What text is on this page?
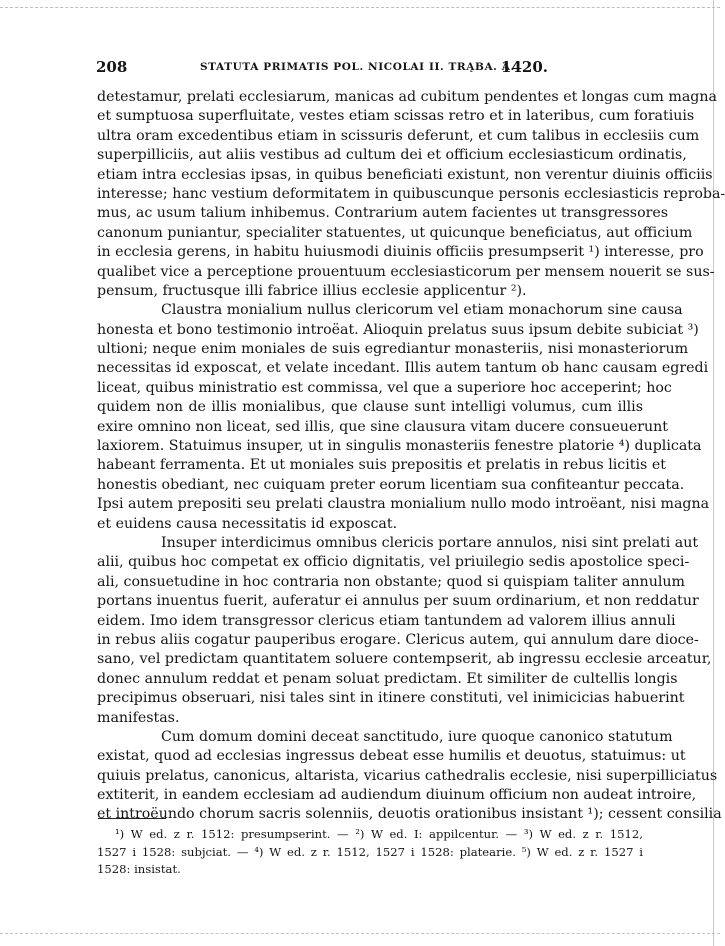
208	STATUTA PRIMATIS POL. NICOLAI II. TRĄBA. A.
1420.
detestamur, prelati ecclesiarum, manicas ad cubitum pendentes et longas cum magna
et sumptuosa superfluitate, vestes etiam scissas retro et in lateribus, cum foratiuis
ultra oram excedentibus etiam in scissuris deferunt, et cum talibus in ecclesiis cum
superpilliciis, aut aliis vestibus ad cultum dei et officium ecclesiasticum ordinatis,
etiam intra ecclesias ipsas, in quibus beneficiati existunt, non verentur diuinis officiis
interesse; hanc vestium deformitatem in quibuscunque personis ecclesiasticis reproba-
mus, ac usum talium inhibemus. Contrarium autem facientes ut transgressores
canonum puniantur, specialiter statuentes, ut quicunque beneficiatus, aut officium
in ecclesia gerens, in habitu huiusmodi diuinis officiis presumpserit ¹) interesse, pro
qualibet vice a perceptione prouentuum ecclesiasticorum per mensem nouerit se sus-
pensum, fructusque illi fabrice illius ecclesie applicentur ²).
Claustra monialium nullus clericorum vel etiam monachorum sine causa
honesta et bono testimonio introëat. Alioquin prelatus suus ipsum debite subiciat ³)
ultioni; neque enim moniales de suis egrediantur monasteriis, nisi monasteriorum
necessitas id exposcat, et velate incedant. Illis autem tantum ob hanc causam egredi
liceat, quibus ministratio est commissa, vel que a superiore hoc acceperint; hoc
quidem non de illis monialibus, que clause sunt intelligi volumus, cum illis
exire omnino non liceat, sed illis, que sine clausura vitam ducere consueuerunt
laxiorem. Statuimus insuper, ut in singulis monasteriis fenestre platorie ⁴) duplicata
habeant ferramenta. Et ut moniales suis prepositis et prelatis in rebus licitis et
honestis obediant, nec cuiquam preter eorum licentiam sua confiteantur peccata.
Ipsi autem prepositi seu prelati claustra monialium nullo modo introëant, nisi magna
et euidens causa necessitatis id exposcat.
Insuper interdicimus omnibus clericis portare annulos, nisi sint prelati aut
alii, quibus hoc competat ex officio dignitatis, vel priuilegio sedis apostolice speci-
ali, consuetudine in hoc contraria non obstante; quod si quispiam taliter annulum
portans inuentus fuerit, auferatur ei annulus per suum ordinarium, et non reddatur
eidem. Imo idem transgressor clericus etiam tantundem ad valorem illius annuli
in rebus aliis cogatur pauperibus erogare. Clericus autem, qui annulum dare dioce-
sano, vel predictam quantitatem soluere contempserit, ab ingressu ecclesie arceatur,
donec annulum reddat et penam soluat predictam. Et similiter de cultellis longis
precipimus obseruari, nisi tales sint in itinere constituti, vel inimicicias habuerint
manifestas.
Cum domum domini deceat sanctitudo, iure quoque canonico statutum
existat, quod ad ecclesias ingressus debeat esse humilis et deuotus, statuimus: ut
quiuis prelatus, canonicus, altarista, vicarius cathedralis ecclesie, nisi superpilliciatus
extiterit, in eandem ecclesiam ad audiendum diuinum officium non audeat introire,
et introëundo chorum sacris solenniis, deuotis orationibus insistant ¹); cessent consilia
¹) W ed. z r. 1512: presumpserint. — ²) W ed. I: appilcentur. — ³) W ed. z r. 1512,
1527 i 1528: subjciat. — ⁴) W ed. z r. 1512, 1527 i 1528: platearie. ⁵) W ed. z r. 1527 i
1528: insistat.
